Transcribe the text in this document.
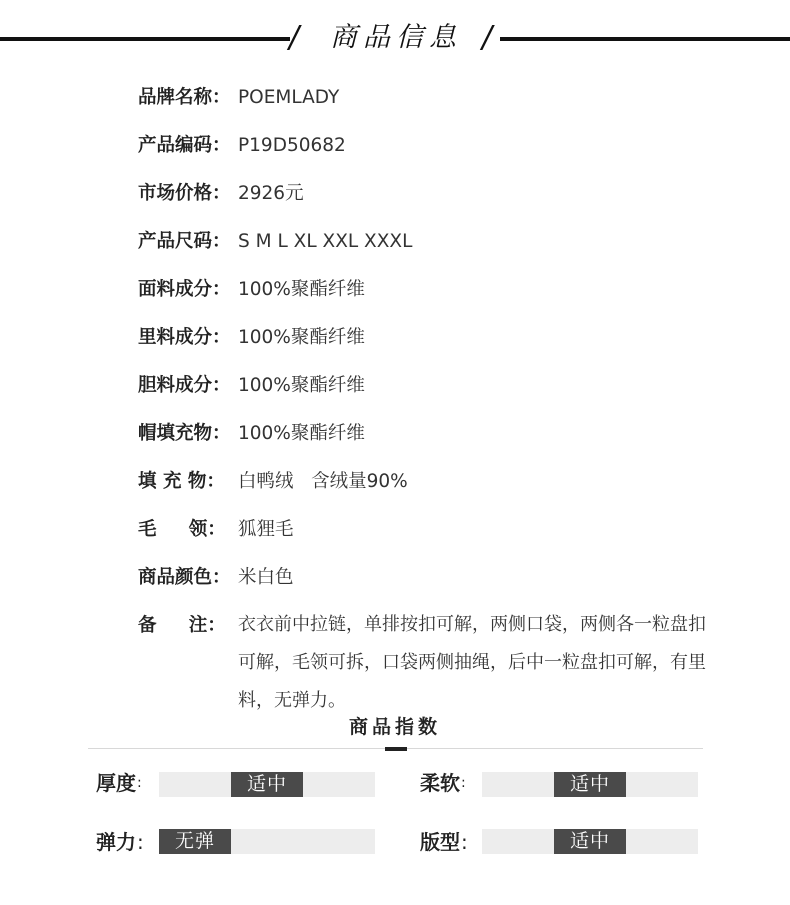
/ 商品信息 /
品牌名称： POEMLADY
产品编码： P19D50682
市场价格： 2926元
产品尺码： S M L XL XXL XXXL
面料成分： 100%聚酯纤维
里料成分： 100%聚酯纤维
胆料成分： 100%聚酯纤维
帽填充物： 100%聚酯纤维
填 充 物： 白鸭绒   含绒量90%
毛     领： 狐狸毛
商品颜色： 米白色
备     注： 衣衣前中拉链，单排按扣可解，两侧口袋，两侧各一粒盘扣可解，毛领可拆，口袋两侧抽绳，后中一粒盘扣可解，有里料，无弹力。
商品指数
厚度:	适中	柔软:	适中
弹力:	无弹	版型:	适中
